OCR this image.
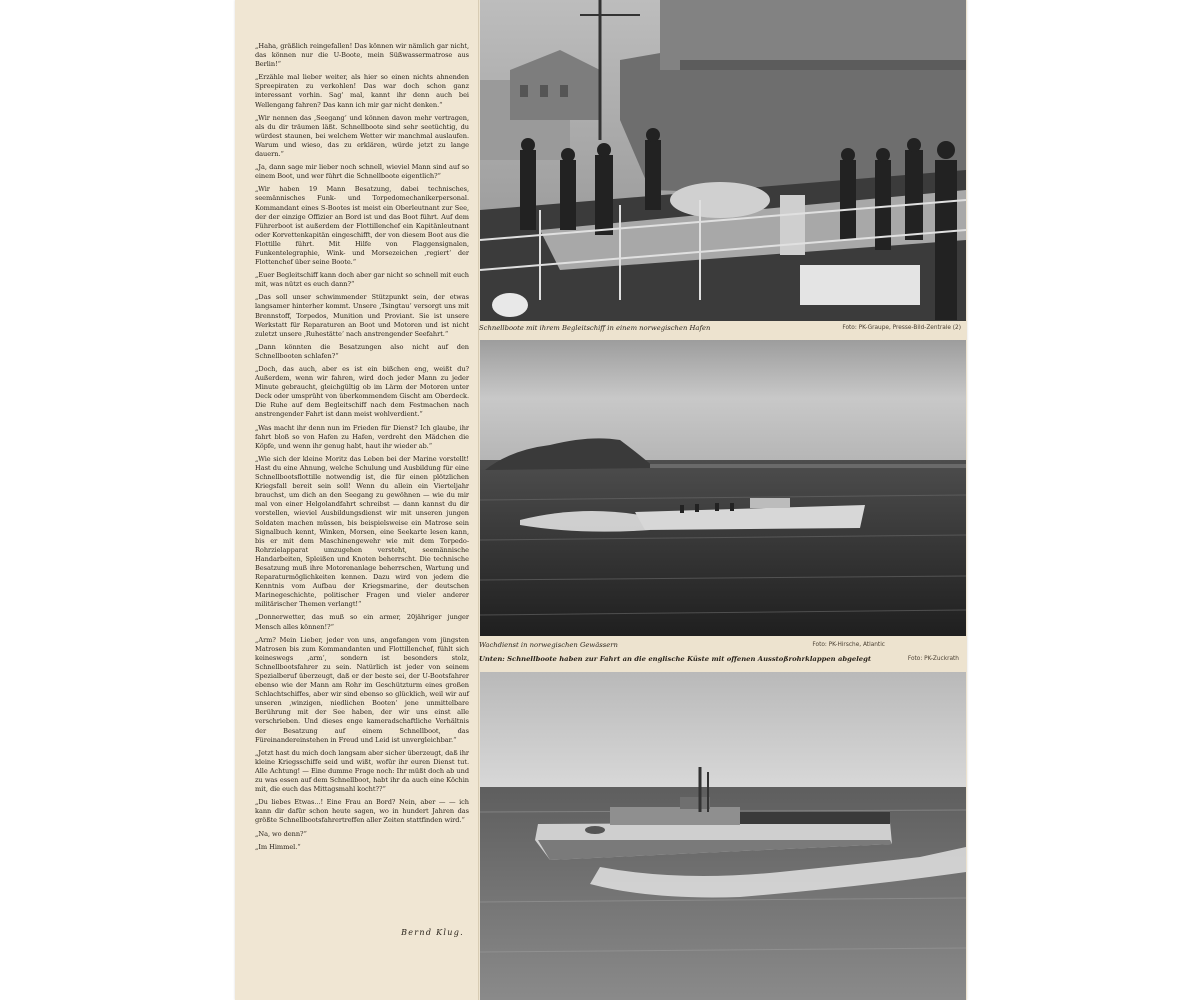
„Haha, gräßlich reingefallen! Das können wir nämlich gar nicht, das können nur die U-Boote, mein Süßwassermatrose aus Berlin!“

„Erzähle mal lieber weiter, als hier so einen nichts ahnenden Spreepiraten zu verkohlen! Das war doch schon ganz interessant vorhin. Sag' mal, kannt ihr denn auch bei Wellengang fahren? Das kann ich mir gar nicht denken.“

„Wir nennen das ‚Seegang‘ und können davon mehr vertragen, als du dir träumen läßt. Schnellboote sind sehr seetüchtig, du würdest staunen, bei welchem Wetter wir manchmal auslaufen. Warum und wieso, das zu erklären, würde jetzt zu lange dauern.“

„Ja, dann sage mir lieber noch schnell, wieviel Mann sind auf so einem Boot, und wer führt die Schnellboote eigentlich?“

„Wir haben 19 Mann Besatzung, dabei technisches, seemännisches Funk- und Torpedomechanikerpersonal. Kommandant eines S-Bootes ist meist ein Oberleutnant zur See, der der einzige Offizier an Bord ist und das Boot führt. Auf dem Führerboot ist außerdem der Flottillenchef ein Kapitänleutnant oder Korvettenkapitän eingeschifft, der von diesem Boot aus die Flottille führt. Mit Hilfe von Flaggensignalen, Funkentelegraphie, Wink- und Morsezeichen ‚regiert‘ der Flottenchef über seine Boote.“

„Euer Begleitschiff kann doch aber gar nicht so schnell mit euch mit, was nützt es euch dann?“

„Das soll unser schwimmender Stützpunkt sein, der etwas langsamer hinterher kommt. Unsere ‚Tsingtau‘ versorgt uns mit Brennstoff, Torpedos, Munition und Proviant. Sie ist unsere Werkstatt für Reparaturen an Boot und Motoren und ist nicht zuletzt unsere ‚Ruhestätte‘ nach anstrengender Seefahrt.“

„Dann könnten die Besatzungen also nicht auf den Schnellbooten schlafen?“

„Doch, das auch, aber es ist ein bißchen eng, weißt du? Außerdem, wenn wir fahren, wird doch jeder Mann zu jeder Minute gebraucht, gleichgültig ob im Lärm der Motoren unter Deck oder umsprüht von überkommendem Gischt am Oberdeck. Die Ruhe auf dem Begleitschiff nach dem Festmachen nach anstrengender Fahrt ist dann meist wohlverdient.“

„Was macht ihr denn nun im Frieden für Dienst? Ich glaube, ihr fahrt bloß so von Hafen zu Hafen, verdreht den Mädchen die Köpfe, und wenn ihr genug habt, haut ihr wieder ab.“

„Wie sich der kleine Moritz das Leben bei der Marine vorstellt! Hast du eine Ahnung, welche Schulung und Ausbildung für eine Schnellbootsflottille notwendig ist, die für einen plötzlichen Kriegsfall bereit sein soll! Wenn du allein ein Vierteljahr brauchst, um dich an den Seegang zu gewöhnen — wie du mir mal von einer Helgolandfahrt schreibst — dann kannst du dir vorstellen, wieviel Ausbildungsdienst wir mit unseren jungen Soldaten machen müssen, bis beispielsweise ein Matrose sein Signalbuch kennt, Winken, Morsen, eine Seekarte lesen kann, bis er mit dem Maschinengewehr wie mit dem Torpedo-Rohrzielapparat umzugehen versteht, seemännische Handarbeiten, Spleißen und Knoten beherrscht. Die technische Besatzung muß ihre Motorenanlage beherrschen, Wartung und Reparaturmöglichkeiten kennen. Dazu wird von jedem die Kenntnis vom Aufbau der Kriegsmarine, der deutschen Marinegeschichte, politischer Fragen und vieler anderer militärischer Themen verlangt!“

„Donnerwetter, das muß so ein armer, 20jähriger junger Mensch alles können!?“

„Arm? Mein Lieber, jeder von uns, angefangen vom jüngsten Matrosen bis zum Kommandanten und Flottillenchef, fühlt sich keineswegs ‚arm‘, sondern ist besonders stolz, Schnellbootsfahrer zu sein. Natürlich ist jeder von seinem Spezialberuf überzeugt, daß er der beste sei, der U-Bootsfahrer ebenso wie der Mann am Rohr im Geschützturm eines großen Schlachtschiffes, aber wir sind ebenso so glücklich, weil wir auf unseren ‚winzigen, niedlichen Booten‘ jene unmittelbare Berührung mit der See haben, der wir uns einst alle verschrieben. Und dieses enge kameradschaftliche Verhältnis der Besatzung auf einem Schnellboot, das Füreinandereinstehen in Freud und Leid ist unvergleichbar.“

„Jetzt hast du mich doch langsam aber sicher überzeugt, daß ihr kleine Kriegsschiffe seid und wißt, wofür ihr euren Dienst tut. Alle Achtung! — Eine dumme Frage noch: Ihr müßt doch ab und zu was essen auf dem Schnellboot, habt ihr da auch eine Köchin mit, die euch das Mittagsmahl kocht??“

„Du liebes Etwas...! Eine Frau an Bord? Nein, aber — — ich kann dir dafür schon heute sagen, wo in hundert Jahren das größte Schnellbootsfahrertreffen aller Zeiten stattfinden wird.“

„Na, wo denn?“

„Im Himmel.“

Bernd Klug.
Schnellboote mit ihrem Begleitschiff in einem norwegischen Hafen	Foto: PK-Graupe, Presse-Bild-Zentrale (2)
Wachdienst in norwegischen Gewässern	Foto: PK-Hirsche, Atlantic
Unten: Schnellboote haben zur Fahrt an die englische Küste mit offenen Ausstoßrohrklappen abgelegt	Foto: PK-Zuckrath
